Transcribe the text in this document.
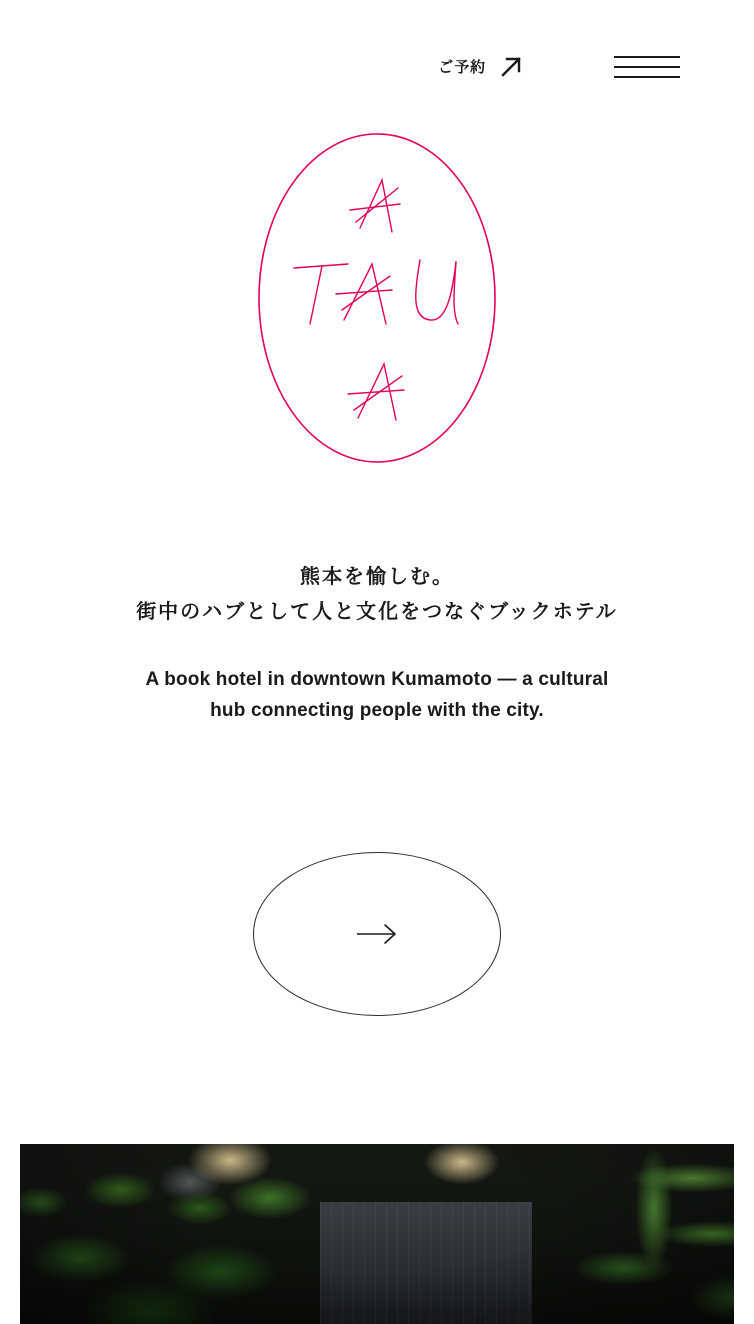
ご予約

熊本を愉しむ。
街中のハブとして人と文化をつなぐブックホテル

A book hotel in downtown Kumamoto — a cultural
hub connecting people with the city.
